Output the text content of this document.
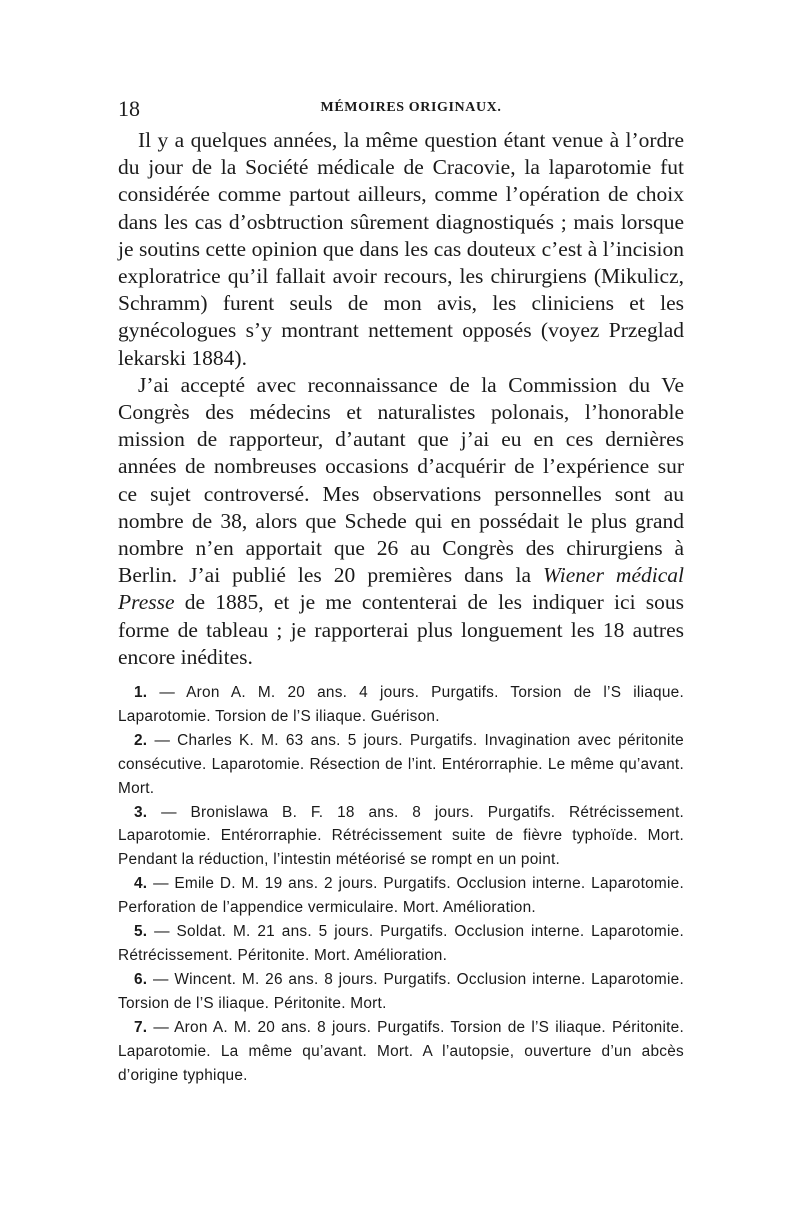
18	MÉMOIRES ORIGINAUX.

Il y a quelques années, la même question étant venue à l’ordre du jour de la Société médicale de Cracovie, la laparotomie fut considérée comme partout ailleurs, comme l’opération de choix dans les cas d’osbtruction sûrement diagnostiqués ; mais lorsque je soutins cette opinion que dans les cas douteux c’est à l’incision exploratrice qu’il fallait avoir recours, les chirurgiens (Mikulicz, Schramm) furent seuls de mon avis, les cliniciens et les gynécologues s’y montrant nettement opposés (voyez Przeglad lekarski 1884).

J’ai accepté avec reconnaissance de la Commission du Ve Congrès des médecins et naturalistes polonais, l’honorable mission de rapporteur, d’autant que j’ai eu en ces dernières années de nombreuses occasions d’acquérir de l’expérience sur ce sujet controversé. Mes observations personnelles sont au nombre de 38, alors que Schede qui en possédait le plus grand nombre n’en apportait que 26 au Congrès des chirurgiens à Berlin. J’ai publié les 20 premières dans la Wiener médical Presse de 1885, et je me contenterai de les indiquer ici sous forme de tableau ; je rapporterai plus longuement les 18 autres encore inédites.

1. — Aron A. M. 20 ans. 4 jours. Purgatifs. Torsion de l’S iliaque. Laparotomie. Torsion de l’S iliaque. Guérison.

2. — Charles K. M. 63 ans. 5 jours. Purgatifs. Invagination avec péritonite consécutive. Laparotomie. Résection de l’int. Entérorraphie. Le même qu’avant. Mort.

3. — Bronislawa B. F. 18 ans. 8 jours. Purgatifs. Rétrécissement. Laparotomie. Entérorraphie. Rétrécissement suite de fièvre typhoïde. Mort. Pendant la réduction, l’intestin météorisé se rompt en un point.

4. — Emile D. M. 19 ans. 2 jours. Purgatifs. Occlusion interne. Laparotomie. Perforation de l’appendice vermiculaire. Mort. Amélioration.

5. — Soldat. M. 21 ans. 5 jours. Purgatifs. Occlusion interne. Laparotomie. Rétrécissement. Péritonite. Mort. Amélioration.

6. — Wincent. M. 26 ans. 8 jours. Purgatifs. Occlusion interne. Laparotomie. Torsion de l’S iliaque. Péritonite. Mort.

7. — Aron A. M. 20 ans. 8 jours. Purgatifs. Torsion de l’S iliaque. Péritonite. Laparotomie. La même qu’avant. Mort. A l’autopsie, ouverture d’un abcès d’origine typhique.
